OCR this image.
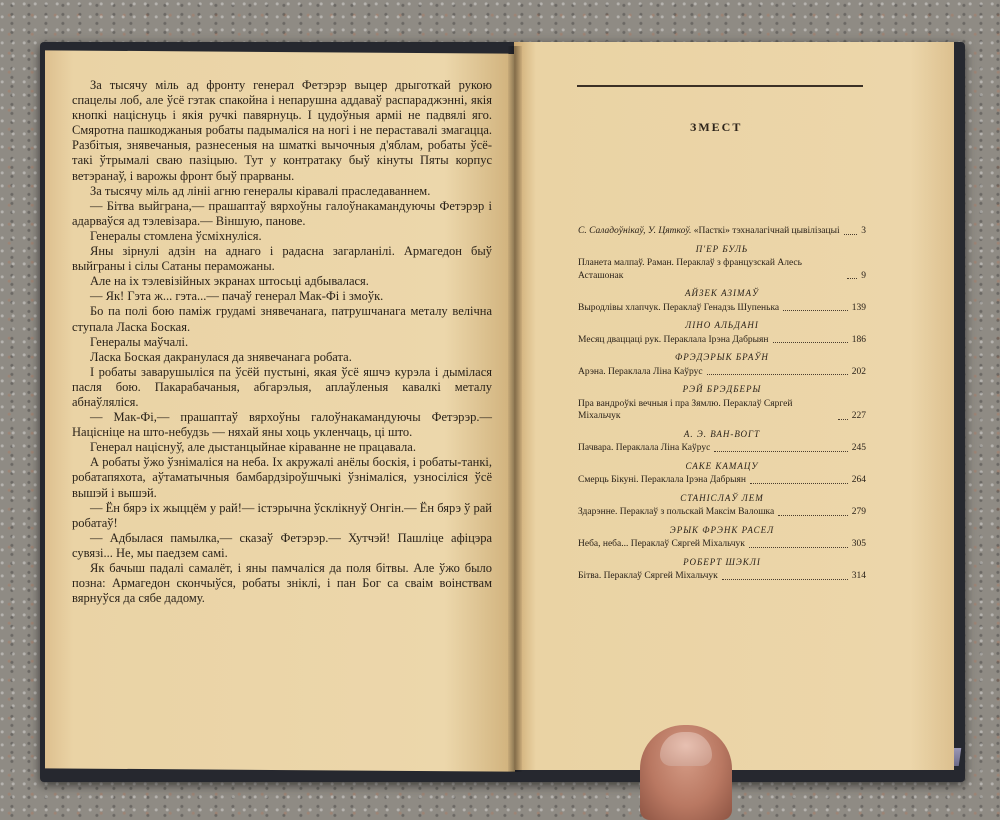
За тысячу міль ад фронту генерал Фетэрэр выцер дрыготкай рукою спацелы лоб, але ўсё гэтак спакойна і непарушна аддаваў распараджэнні, якія кнопкі націснуць і якія ручкі павярнуць. І цудоўныя арміі не падвялі яго. Смяротна пашкоджаныя робаты падымаліся на ногі і не пераставалі змагацца. Разбітыя, знявечаныя, разнесеныя на шматкі вычочныя д'яблам, робаты ўсё-такі ўтрымалі сваю пазіцыю. Тут у контратаку быў кінуты Пяты корпус ветэранаў, і варожы фронт быў прарваны.

За тысячу міль ад лініі агню генералы кіравалі праследаваннем.

— Бітва выйграна,— прашаптаў вярхоўны галоўнакамандуючы Фетэрэр і адарваўся ад тэлевізара.— Віншую, панове.

Генералы стомлена ўсміхнуліся.

Яны зірнулі адзін на аднаго і радасна загарланілі. Армагедон быў выйграны і сілы Сатаны пераможаны.

Але на іх тэлевізійных экранах штосьці адбывалася.

— Як! Гэта ж... гэта...— пачаў генерал Мак-Фі і змоўк.

Бо па полі бою паміж грудамі знявечанага, патрушчанага металу велічна ступала Ласка Боская.

Генералы маўчалі.

Ласка Боская дакранулася да знявечанага робата.

І робаты заварушыліся па ўсёй пустыні, якая ўсё яшчэ курэла і дымілася пасля бою. Пакарабачаныя, абгарэлыя, аплаўленыя кавалкі металу абнаўляліся.

— Мак-Фі,— прашаптаў вярхоўны галоўнакамандуючы Фетэрэр.— Націсніце на што-небудзь — няхай яны хоць укленчаць, ці што.

Генерал націснуў, але дыстанцыйнае кіраванне не працавала.

А робаты ўжо ўзнімаліся на неба. Іх акружалі анёлы боскія, і робаты-танкі, робатапяхота, аўтаматычныя бамбардзіроўшчыкі ўзнімаліся, узносіліся ўсё вышэй і вышэй.

— Ён бярэ іх жыццём у рай!— істэрычна ўсклікнуў Онгін.— Ён бярэ ў рай робатаў!

— Адбылася памылка,— сказаў Фетэрэр.— Хутчэй! Пашліце афіцэра сувязі... Не, мы паедзем самі.

Як бачыш падалі самалёт, і яны памчаліся да поля бітвы. Але ўжо было позна: Армагедон скончыўся, робаты зніклі, і пан Бог са сваім воінствам вярнуўся да сябе дадому.

ЗМЕСТ
С. Саладоўнікаў, У. Цяткоў. «Пасткі» тэхналагічнай цывілізацыі 3
П'ЕР БУЛЬ
Планета малпаў. Раман. Пераклаў з французскай Алесь Асташонак	9
АЙЗЕК АЗІМАЎ
Выродлівы хлапчук. Пераклаў Генадзь Шупенька	139
ЛІНО АЛЬДАНІ
Месяц дваццаці рук. Пераклала Ірэна Дабрыян	186
ФРЭДЭРЫК БРАЎН
Арэна. Пераклала Ліна Каўрус	202
РЭЙ БРЭДБЕРЫ
Пра вандроўкі вечныя і пра Зямлю. Пераклаў Сяргей Міхальчук	227
А. Э. ВАН-ВОГТ
Пачвара. Пераклала Ліна Каўрус	245
САКЕ КАМАЦУ
Смерць Бікуні. Пераклала Ірэна Дабрыян	264
СТАНІСЛАЎ ЛЕМ
Здарэнне. Пераклаў з польскай Максім Валошка	279
ЭРЫК ФРЭНК РАСЕЛ
Неба, неба... Пераклаў Сяргей Міхальчук	305
РОБЕРТ ШЭКЛІ
Бітва. Пераклаў Сяргей Міхальчук	314
